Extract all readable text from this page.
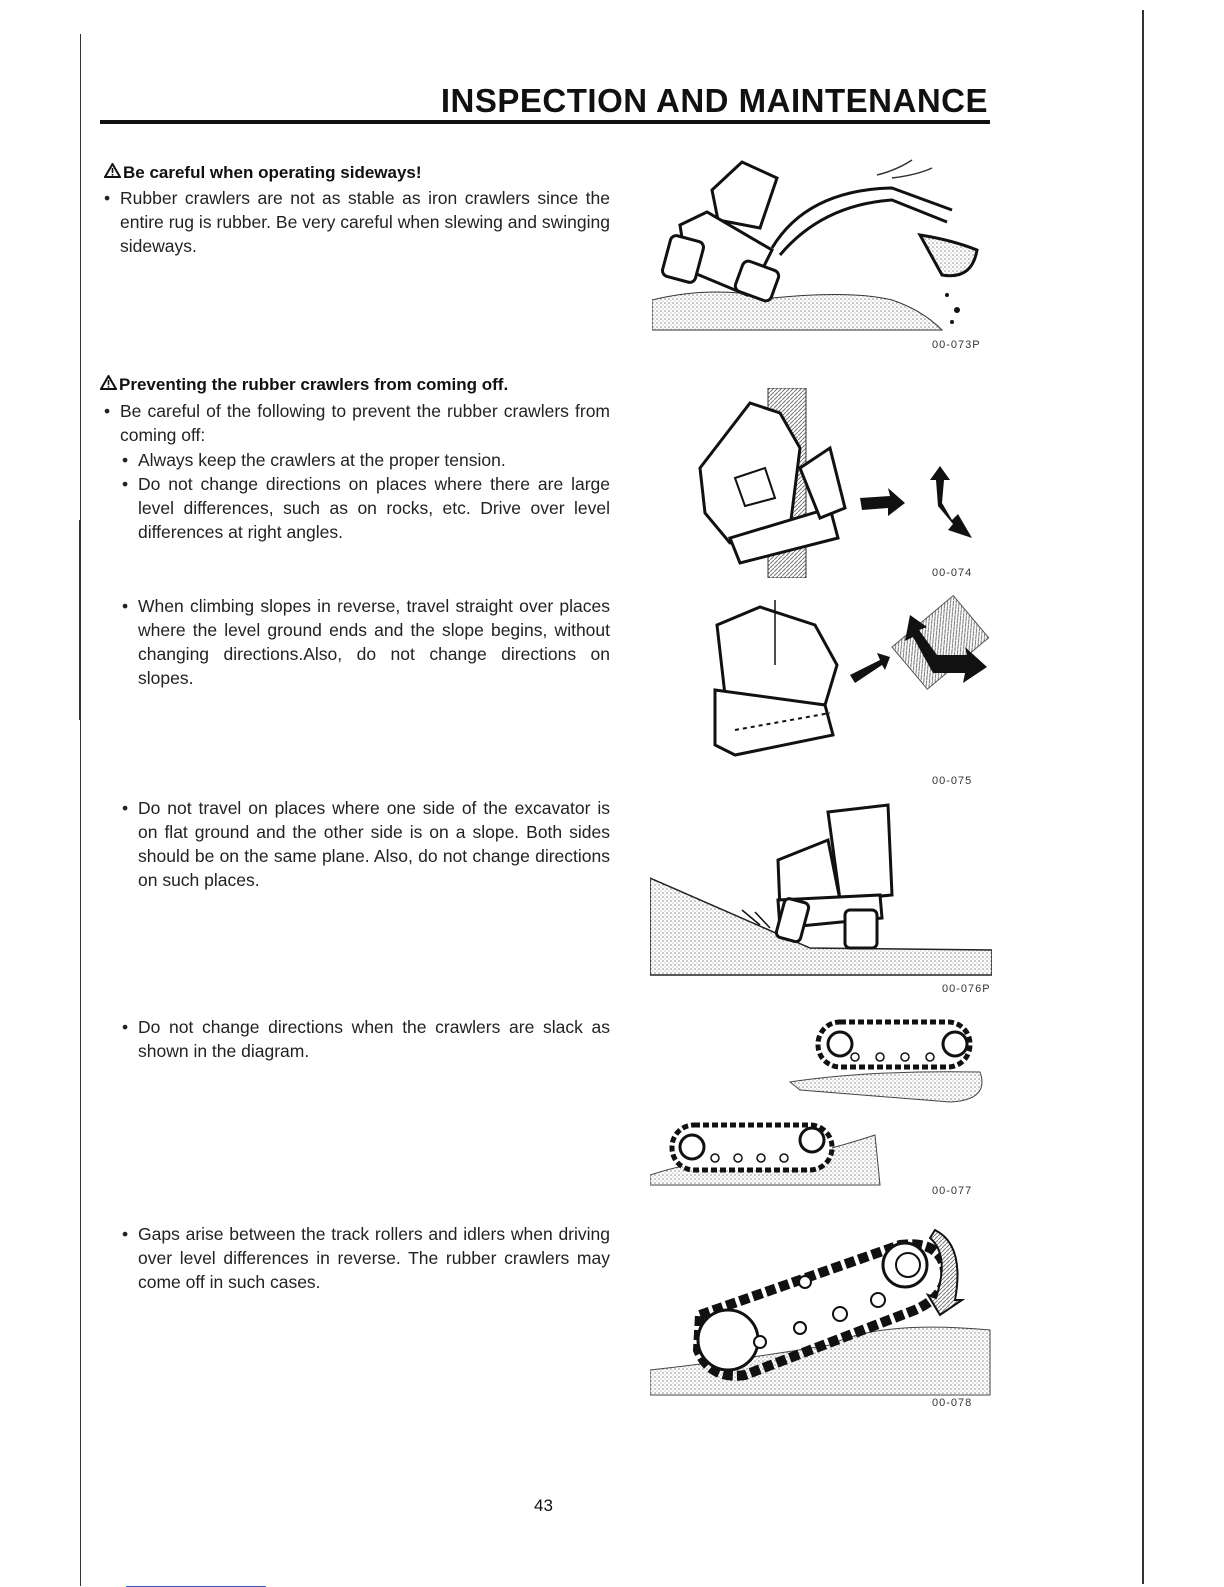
INSPECTION AND MAINTENANCE
Be careful when operating sideways!
• Rubber crawlers are not as stable as iron crawlers since the entire rug is rubber. Be very careful when slewing and swinging sideways.
Preventing the rubber crawlers from coming off.
• Be careful of the following to prevent the rubber crawlers from coming off:
• Always keep the crawlers at the proper tension.
• Do not change directions on places where there are large level differences, such as on rocks, etc. Drive over level differences at right angles.
• When climbing slopes in reverse, travel straight over places where the level ground ends and the slope begins, without changing directions.Also, do not change directions on slopes.
• Do not travel on places where one side of the excavator is on flat ground and the other side is on a slope. Both sides should be on the same plane. Also, do not change directions on such places.
• Do not change directions when the crawlers are slack as shown in the diagram.
• Gaps arise between the track rollers and idlers when driving over level differences in reverse. The rubber crawlers may come off in such cases.
00-073P
00-074
00-075
00-076P
00-077
00-078
43
